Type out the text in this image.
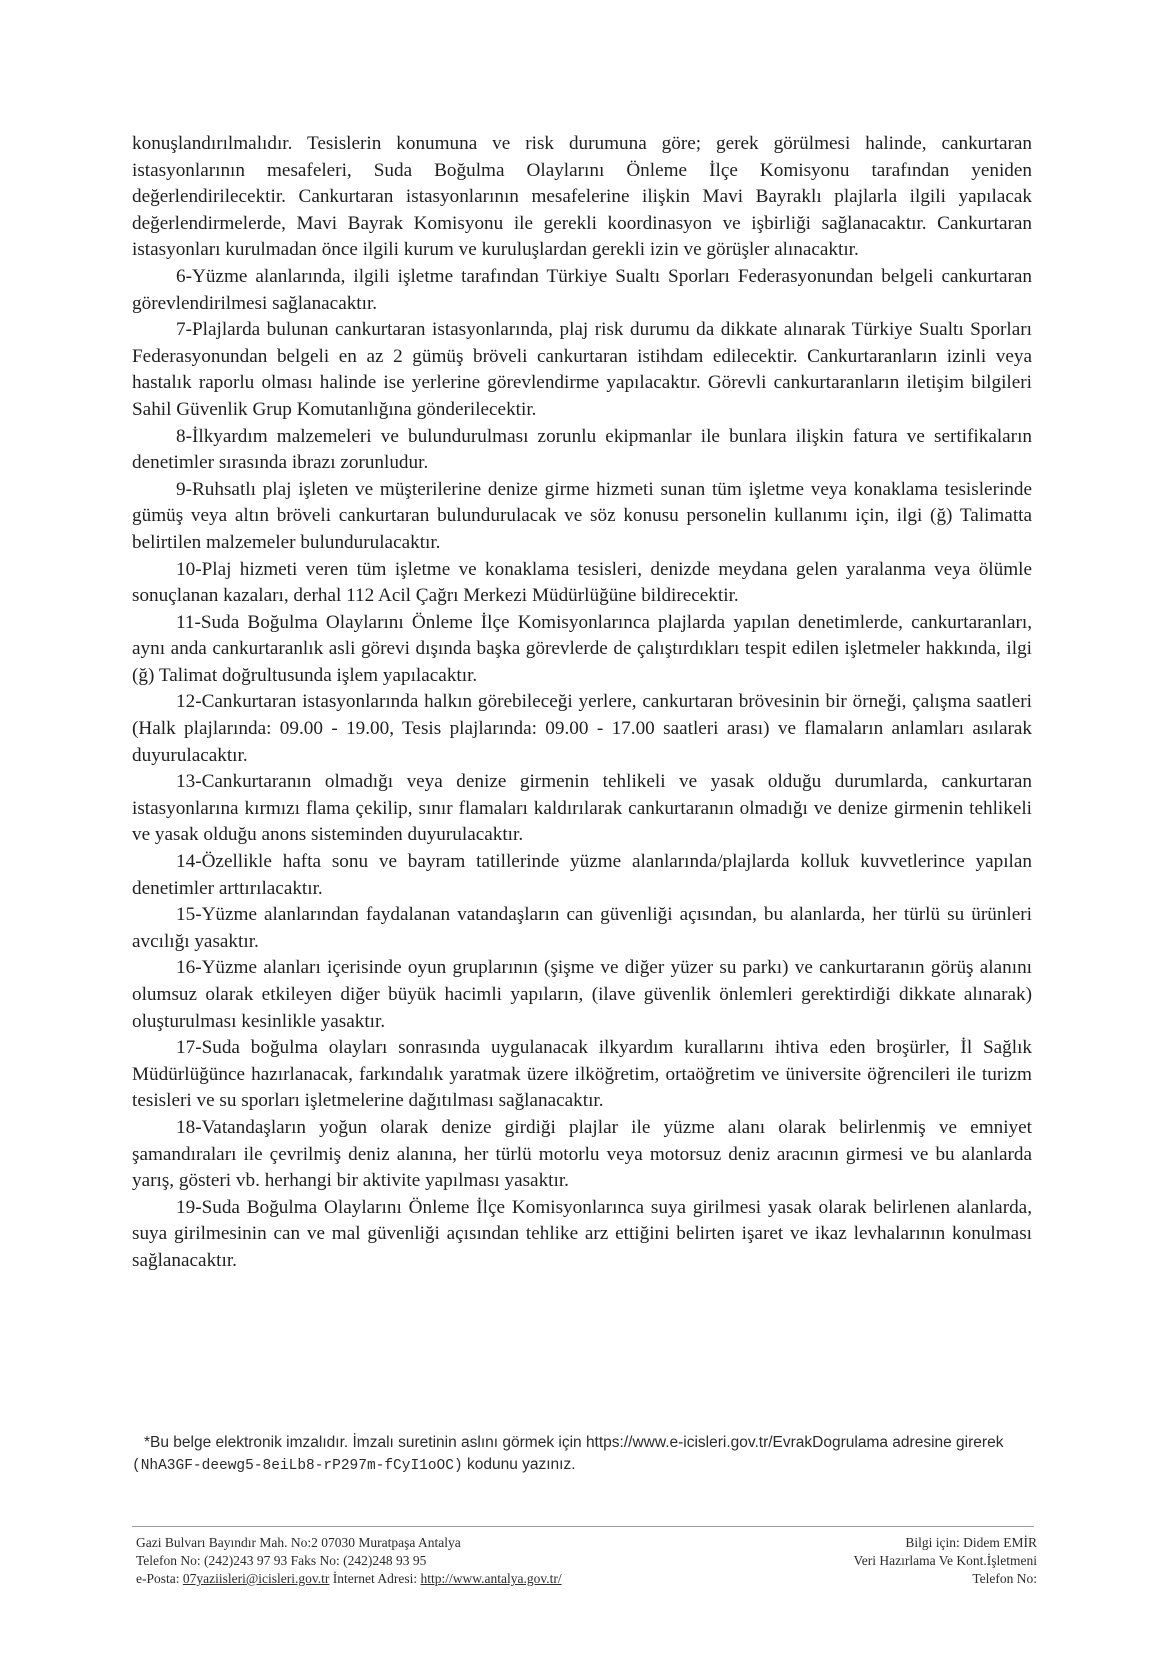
konuşlandırılmalıdır. Tesislerin konumuna ve risk durumuna göre; gerek görülmesi halinde, cankurtaran istasyonlarının mesafeleri, Suda Boğulma Olaylarını Önleme İlçe Komisyonu tarafından yeniden değerlendirilecektir. Cankurtaran istasyonlarının mesafelerine ilişkin Mavi Bayraklı plajlarla ilgili yapılacak değerlendirmelerde, Mavi Bayrak Komisyonu ile gerekli koordinasyon ve işbirliği sağlanacaktır. Cankurtaran istasyonları kurulmadan önce ilgili kurum ve kuruluşlardan gerekli izin ve görüşler alınacaktır.

6-Yüzme alanlarında, ilgili işletme tarafından Türkiye Sualtı Sporları Federasyonundan belgeli cankurtaran görevlendirilmesi sağlanacaktır.

7-Plajlarda bulunan cankurtaran istasyonlarında, plaj risk durumu da dikkate alınarak Türkiye Sualtı Sporları Federasyonundan belgeli en az 2 gümüş bröveli cankurtaran istihdam edilecektir. Cankurtaranların izinli veya hastalık raporlu olması halinde ise yerlerine görevlendirme yapılacaktır. Görevli cankurtaranların iletişim bilgileri Sahil Güvenlik Grup Komutanlığına gönderilecektir.

8-İlkyardım malzemeleri ve bulundurulması zorunlu ekipmanlar ile bunlara ilişkin fatura ve sertifikaların denetimler sırasında ibrazı zorunludur.

9-Ruhsatlı plaj işleten ve müşterilerine denize girme hizmeti sunan tüm işletme veya konaklama tesislerinde gümüş veya altın bröveli cankurtaran bulundurulacak ve söz konusu personelin kullanımı için, ilgi (ğ) Talimatta belirtilen malzemeler bulundurulacaktır.

10-Plaj hizmeti veren tüm işletme ve konaklama tesisleri, denizde meydana gelen yaralanma veya ölümle sonuçlanan kazaları, derhal 112 Acil Çağrı Merkezi Müdürlüğüne bildirecektir.

11-Suda Boğulma Olaylarını Önleme İlçe Komisyonlarınca plajlarda yapılan denetimlerde, cankurtaranları, aynı anda cankurtaranlık asli görevi dışında başka görevlerde de çalıştırdıkları tespit edilen işletmeler hakkında, ilgi (ğ) Talimat doğrultusunda işlem yapılacaktır.

12-Cankurtaran istasyonlarında halkın görebileceği yerlere, cankurtaran brövesinin bir örneği, çalışma saatleri (Halk plajlarında: 09.00 - 19.00, Tesis plajlarında: 09.00 - 17.00 saatleri arası) ve flamaların anlamları asılarak duyurulacaktır.

13-Cankurtaranın olmadığı veya denize girmenin tehlikeli ve yasak olduğu durumlarda, cankurtaran istasyonlarına kırmızı flama çekilip, sınır flamaları kaldırılarak cankurtaranın olmadığı ve denize girmenin tehlikeli ve yasak olduğu anons sisteminden duyurulacaktır.

14-Özellikle hafta sonu ve bayram tatillerinde yüzme alanlarında/plajlarda kolluk kuvvetlerince yapılan denetimler arttırılacaktır.

15-Yüzme alanlarından faydalanan vatandaşların can güvenliği açısından, bu alanlarda, her türlü su ürünleri avcılığı yasaktır.

16-Yüzme alanları içerisinde oyun gruplarının (şişme ve diğer yüzer su parkı) ve cankurtaranın görüş alanını olumsuz olarak etkileyen diğer büyük hacimli yapıların, (ilave güvenlik önlemleri gerektirdiği dikkate alınarak) oluşturulması kesinlikle yasaktır.

17-Suda boğulma olayları sonrasında uygulanacak ilkyardım kurallarını ihtiva eden broşürler, İl Sağlık Müdürlüğünce hazırlanacak, farkındalık yaratmak üzere ilköğretim, ortaöğretim ve üniversite öğrencileri ile turizm tesisleri ve su sporları işletmelerine dağıtılması sağlanacaktır.

18-Vatandaşların yoğun olarak denize girdiği plajlar ile yüzme alanı olarak belirlenmiş ve emniyet şamandıraları ile çevrilmiş deniz alanına, her türlü motorlu veya motorsuz deniz aracının girmesi ve bu alanlarda yarış, gösteri vb. herhangi bir aktivite yapılması yasaktır.

19-Suda Boğulma Olaylarını Önleme İlçe Komisyonlarınca suya girilmesi yasak olarak belirlenen alanlarda, suya girilmesinin can ve mal güvenliği açısından tehlike arz ettiğini belirten işaret ve ikaz levhalarının konulması sağlanacaktır.

*Bu belge elektronik imzalıdır. İmzalı suretinin aslını görmek için https://www.e-icisleri.gov.tr/EvrakDogrulama adresine girerek (NhA3GF-deewg5-8eiLb8-rP297m-fCyI1oOC) kodunu yazınız.
Gazi Bulvarı Bayındır Mah. No:2 07030 Muratpaşa Antalya
Telefon No: (242)243 97 93 Faks No: (242)248 93 95
e-Posta: 07yaziisleri@icisleri.gov.tr İnternet Adresi: http://www.antalya.gov.tr/
Bilgi için: Didem EMİR
Veri Hazırlama Ve Kont.İşletmeni
Telefon No:
